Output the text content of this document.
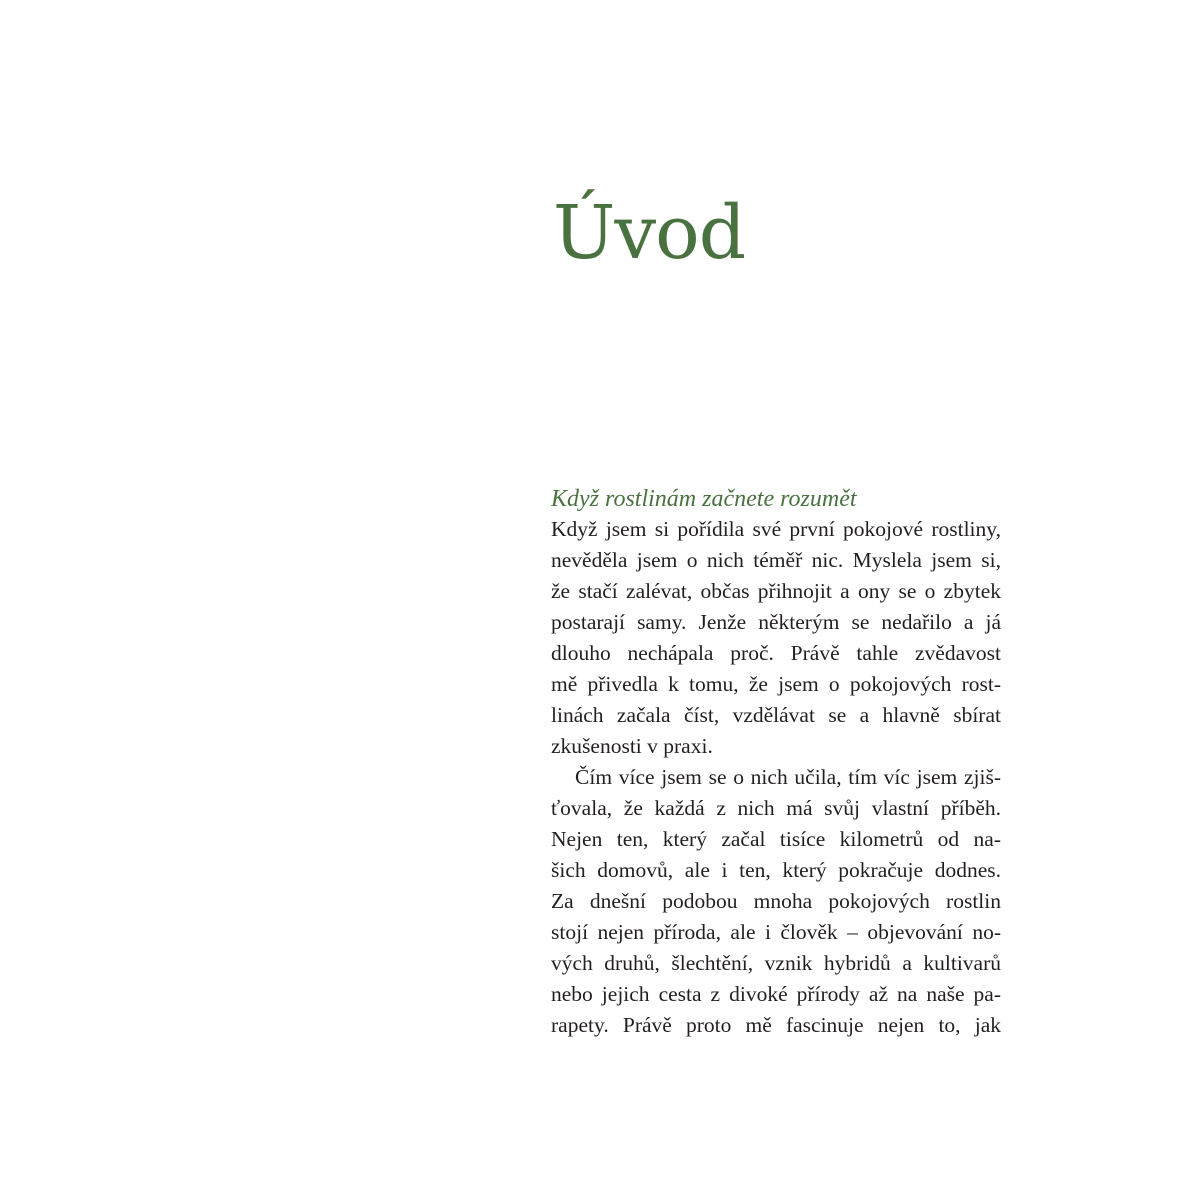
Úvod
Když rostlinám začnete rozumět
Když jsem si pořídila své první pokojové rostliny,
nevěděla jsem o nich téměř nic. Myslela jsem si,
že stačí zalévat, občas přihnojit a ony se o zbytek
postarají samy. Jenže některým se nedařilo a já
dlouho nechápala proč. Právě tahle zvědavost
mě přivedla k tomu, že jsem o pokojových rost-
linách začala číst, vzdělávat se a hlavně sbírat
zkušenosti v praxi.
Čím více jsem se o nich učila, tím víc jsem zjiš-
ťovala, že každá z nich má svůj vlastní příběh.
Nejen ten, který začal tisíce kilometrů od na-
šich domovů, ale i ten, který pokračuje dodnes.
Za dnešní podobou mnoha pokojových rostlin
stojí nejen příroda, ale i člověk – objevování no-
vých druhů, šlechtění, vznik hybridů a kultivarů
nebo jejich cesta z divoké přírody až na naše pa-
rapety. Právě proto mě fascinuje nejen to, jak
